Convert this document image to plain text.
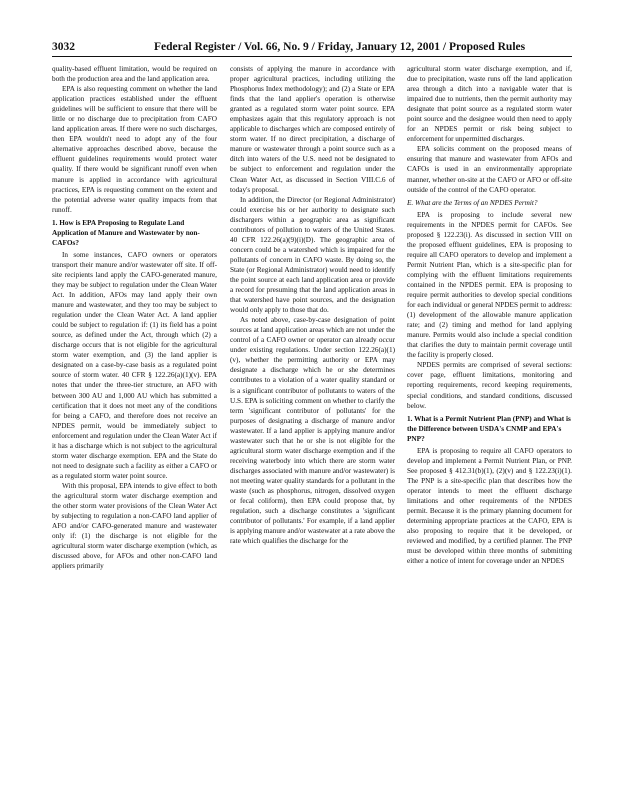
3032	Federal Register / Vol. 66, No. 9 / Friday, January 12, 2001 / Proposed Rules

quality-based effluent limitation, would be required on both the production area and the land application area.

EPA is also requesting comment on whether the land application practices established under the effluent guidelines will be sufficient to ensure that there will be little or no discharge due to precipitation from CAFO land application areas. If there were no such discharges, then EPA wouldn't need to adopt any of the four alternative approaches described above, because the effluent guidelines requirements would protect water quality. If there would be significant runoff even when manure is applied in accordance with agricultural practices, EPA is requesting comment on the extent and the potential adverse water quality impacts from that runoff.

1. How is EPA Proposing to Regulate Land Application of Manure and Wastewater by non-CAFOs?

In some instances, CAFO owners or operators transport their manure and/or wastewater off site. If off-site recipients land apply the CAFO-generated manure, they may be subject to regulation under the Clean Water Act. In addition, AFOs may land apply their own manure and wastewater, and they too may be subject to regulation under the Clean Water Act. A land applier could be subject to regulation if: (1) its field has a point source, as defined under the Act, through which (2) a discharge occurs that is not eligible for the agricultural storm water exemption, and (3) the land applier is designated on a case-by-case basis as a regulated point source of storm water. 40 CFR § 122.26(a)(1)(v). EPA notes that under the three-tier structure, an AFO with between 300 AU and 1,000 AU which has submitted a certification that it does not meet any of the conditions for being a CAFO, and therefore does not receive an NPDES permit, would be immediately subject to enforcement and regulation under the Clean Water Act if it has a discharge which is not subject to the agricultural storm water discharge exemption. EPA and the State do not need to designate such a facility as either a CAFO or as a regulated storm water point source.

With this proposal, EPA intends to give effect to both the agricultural storm water discharge exemption and the other storm water provisions of the Clean Water Act by subjecting to regulation a non-CAFO land applier of AFO and/or CAFO-generated manure and wastewater only if: (1) the discharge is not eligible for the agricultural storm water discharge exemption (which, as discussed above, for AFOs and other non-CAFO land appliers primarily

consists of applying the manure in accordance with proper agricultural practices, including utilizing the Phosphorus Index methodology); and (2) a State or EPA finds that the land applier's operation is otherwise granted as a regulated storm water point source. EPA emphasizes again that this regulatory approach is not applicable to discharges which are composed entirely of storm water. If no direct precipitation, a discharge of manure or wastewater through a point source such as a ditch into waters of the U.S. need not be designated to be subject to enforcement and regulation under the Clean Water Act, as discussed in Section VIII.C.6 of today's proposal.

In addition, the Director (or Regional Administrator) could exercise his or her authority to designate such dischargers within a geographic area as significant contributors of pollution to waters of the United States. 40 CFR 122.26(a)(9)(i)(D). The geographic area of concern could be a watershed which is impaired for the pollutants of concern in CAFO waste. By doing so, the State (or Regional Administrator) would need to identify the point source at each land application area or provide a record for presuming that the land application areas in that watershed have point sources, and the designation would only apply to those that do.

As noted above, case-by-case designation of point sources at land application areas which are not under the control of a CAFO owner or operator can already occur under existing regulations. Under section 122.26(a)(1)(v), whether the permitting authority or EPA may designate a discharge which he or she determines contributes to a violation of a water quality standard or is a significant contributor of pollutants to waters of the U.S. EPA is soliciting comment on whether to clarify the term 'significant contributor of pollutants' for the purposes of designating a discharge of manure and/or wastewater. If a land applier is applying manure and/or wastewater such that he or she is not eligible for the agricultural storm water discharge exemption and if the receiving waterbody into which there are storm water discharges associated with manure and/or wastewater) is not meeting water quality standards for a pollutant in the waste (such as phosphorus, nitrogen, dissolved oxygen or fecal coliform), then EPA could propose that, by regulation, such a discharge constitutes a 'significant contributor of pollutants.' For example, if a land applier is applying manure and/or wastewater at a rate above the rate which qualifies the discharge for the

agricultural storm water discharge exemption, and if, due to precipitation, waste runs off the land application area through a ditch into a navigable water that is impaired due to nutrients, then the permit authority may designate that point source as a regulated storm water point source and the designee would then need to apply for an NPDES permit or risk being subject to enforcement for unpermitted discharges.

EPA solicits comment on the proposed means of ensuring that manure and wastewater from AFOs and CAFOs is used in an environmentally appropriate manner, whether on-site at the CAFO or AFO or off-site outside of the control of the CAFO operator.

E. What are the Terms of an NPDES Permit?

EPA is proposing to include several new requirements in the NPDES permit for CAFOs. See proposed § 122.23(i). As discussed in section VIII on the proposed effluent guidelines, EPA is proposing to require all CAFO operators to develop and implement a Permit Nutrient Plan, which is a site-specific plan for complying with the effluent limitations requirements contained in the NPDES permit. EPA is proposing to require permit authorities to develop special conditions for each individual or general NPDES permit to address: (1) development of the allowable manure application rate; and (2) timing and method for land applying manure. Permits would also include a special condition that clarifies the duty to maintain permit coverage until the facility is properly closed.

NPDES permits are comprised of several sections: cover page, effluent limitations, monitoring and reporting requirements, record keeping requirements, special conditions, and standard conditions, discussed below.

1. What is a Permit Nutrient Plan (PNP) and What is the Difference between USDA's CNMP and EPA's PNP?

EPA is proposing to require all CAFO operators to develop and implement a Permit Nutrient Plan, or PNP. See proposed § 412.31(b)(1), (2)(v) and § 122.23(i)(1). The PNP is a site-specific plan that describes how the operator intends to meet the effluent discharge limitations and other requirements of the NPDES permit. Because it is the primary planning document for determining appropriate practices at the CAFO, EPA is also proposing to require that it be developed, or reviewed and modified, by a certified planner. The PNP must be developed within three months of submitting either a notice of intent for coverage under an NPDES
